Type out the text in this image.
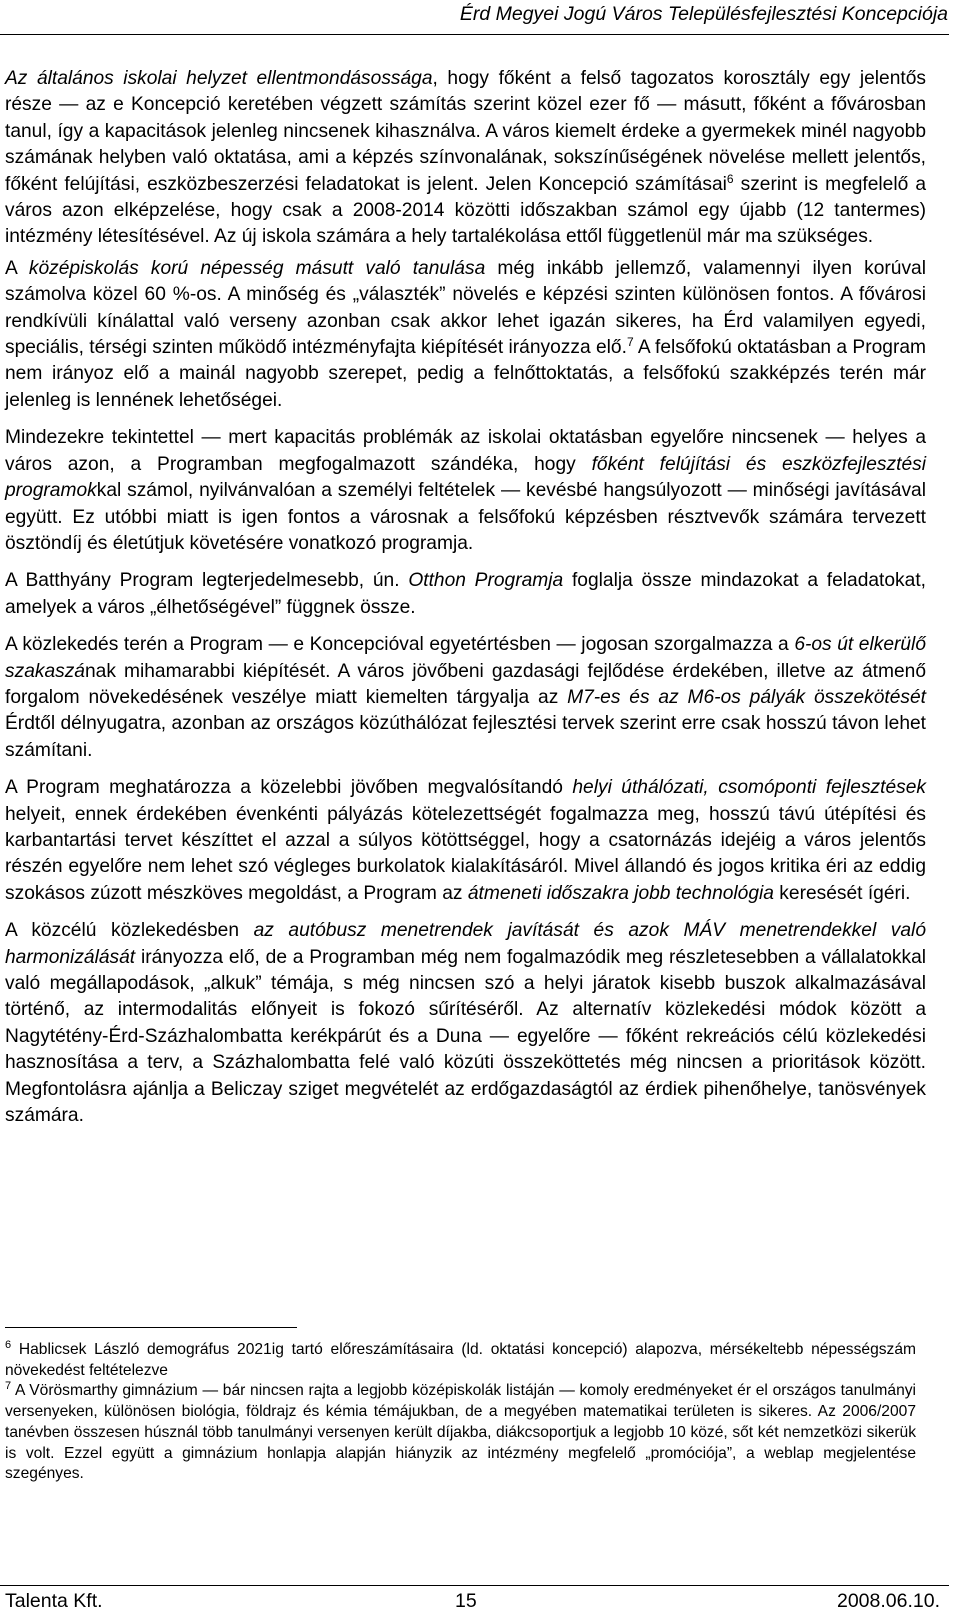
Érd Megyei Jogú Város Településfejlesztési Koncepciója

Az általános iskolai helyzet ellentmondásossága, hogy főként a felső tagozatos korosztály egy jelentős része — az e Koncepció keretében végzett számítás szerint közel ezer fő — másutt, főként a fővárosban tanul, így a kapacitások jelenleg nincsenek kihasználva. A város kiemelt érdeke a gyermekek minél nagyobb számának helyben való oktatása, ami a képzés színvonalának, sokszínűségének növelése mellett jelentős, főként felújítási, eszközbeszerzési feladatokat is jelent. Jelen Koncepció számításai$^6$ szerint is megfelelő a város azon elképzelése, hogy csak a 2008-2014 közötti időszakban számol egy újabb (12 tantermes) intézmény létesítésével. Az új iskola számára a hely tartalékolása ettől függetlenül már ma szükséges.

A középiskolás korú népesség másutt való tanulása még inkább jellemző, valamennyi ilyen korúval számolva közel 60 %-os. A minőség és „választék” növelés e képzési szinten különösen fontos. A fővárosi rendkívüli kínálattal való verseny azonban csak akkor lehet igazán sikeres, ha Érd valamilyen egyedi, speciális, térségi szinten működő intézményfajta kiépítését irányozza elő.$^7$ A felsőfokú oktatásban a Program nem irányoz elő a mainál nagyobb szerepet, pedig a felnőttoktatás, a felsőfokú szakképzés terén már jelenleg is lennének lehetőségei.

Mindezekre tekintettel — mert kapacitás problémák az iskolai oktatásban egyelőre nincsenek — helyes a város azon, a Programban megfogalmazott szándéka, hogy főként felújítási és eszközfejlesztési programokkal számol, nyilvánvalóan a személyi feltételek — kevésbé hangsúlyozott — minőségi javításával együtt. Ez utóbbi miatt is igen fontos a városnak a felsőfokú képzésben résztvevők számára tervezett ösztöndíj és életútjuk követésére vonatkozó programja.

A Batthyány Program legterjedelmesebb, ún. Otthon Programja foglalja össze mindazokat a feladatokat, amelyek a város „élhetőségével” függnek össze.

A közlekedés terén a Program — e Koncepcióval egyetértésben — jogosan szorgalmazza a 6-os út elkerülő szakaszának mihamarabbi kiépítését. A város jövőbeni gazdasági fejlődése érdekében, illetve az átmenő forgalom növekedésének veszélye miatt kiemelten tárgyalja az M7-es és az M6-os pályák összekötését Érdtől délnyugatra, azonban az országos közúthálózat fejlesztési tervek szerint erre csak hosszú távon lehet számítani.

A Program meghatározza a közelebbi jövőben megvalósítandó helyi úthálózati, csomóponti fejlesztések helyeit, ennek érdekében évenkénti pályázás kötelezettségét fogalmazza meg, hosszú távú útépítési és karbantartási tervet készíttet el azzal a súlyos kötöttséggel, hogy a csatornázás idejéig a város jelentős részén egyelőre nem lehet szó végleges burkolatok kialakításáról. Mivel állandó és jogos kritika éri az eddig szokásos zúzott mészköves megoldást, a Program az átmeneti időszakra jobb technológia keresését ígéri.

A közcélú közlekedésben az autóbusz menetrendek javítását és azok MÁV menetrendekkel való harmonizálását irányozza elő, de a Programban még nem fogalmazódik meg részletesebben a vállalatokkal való megállapodások, „alkuk” témája, s még nincsen szó a helyi járatok kisebb buszok alkalmazásával történő, az intermodalitás előnyeit is fokozó sűrítéséről. Az alternatív közlekedési módok között a Nagytétény-Érd-Százhalombatta kerékpárút és a Duna — egyelőre — főként rekreációs célú közlekedési hasznosítása a terv, a Százhalombatta felé való közúti összeköttetés még nincsen a prioritások között. Megfontolásra ajánlja a Beliczay sziget megvételét az erdőgazdaságtól az érdiek pihenőhelye, tanösvények számára.

$^6$ Hablicsek László demográfus 2021ig tartó előreszámításaira (ld. oktatási koncepció) alapozva, mérsékeltebb népességszám növekedést feltételezve

$^7$ A Vörösmarthy gimnázium — bár nincsen rajta a legjobb középiskolák listáján — komoly eredményeket ér el országos tanulmányi versenyeken, különösen biológia, földrajz és kémia témájukban, de a megyében matematikai területen is sikeres. Az 2006/2007 tanévben összesen húsznál több tanulmányi versenyen került díjakba, diákcsoportjuk a legjobb 10 közé, sőt két nemzetközi sikerük is volt. Ezzel együtt a gimnázium honlapja alapján hiányzik az intézmény megfelelő „promóciója”, a weblap megjelentése szegényes.

Talenta Kft.	15	2008.06.10.
